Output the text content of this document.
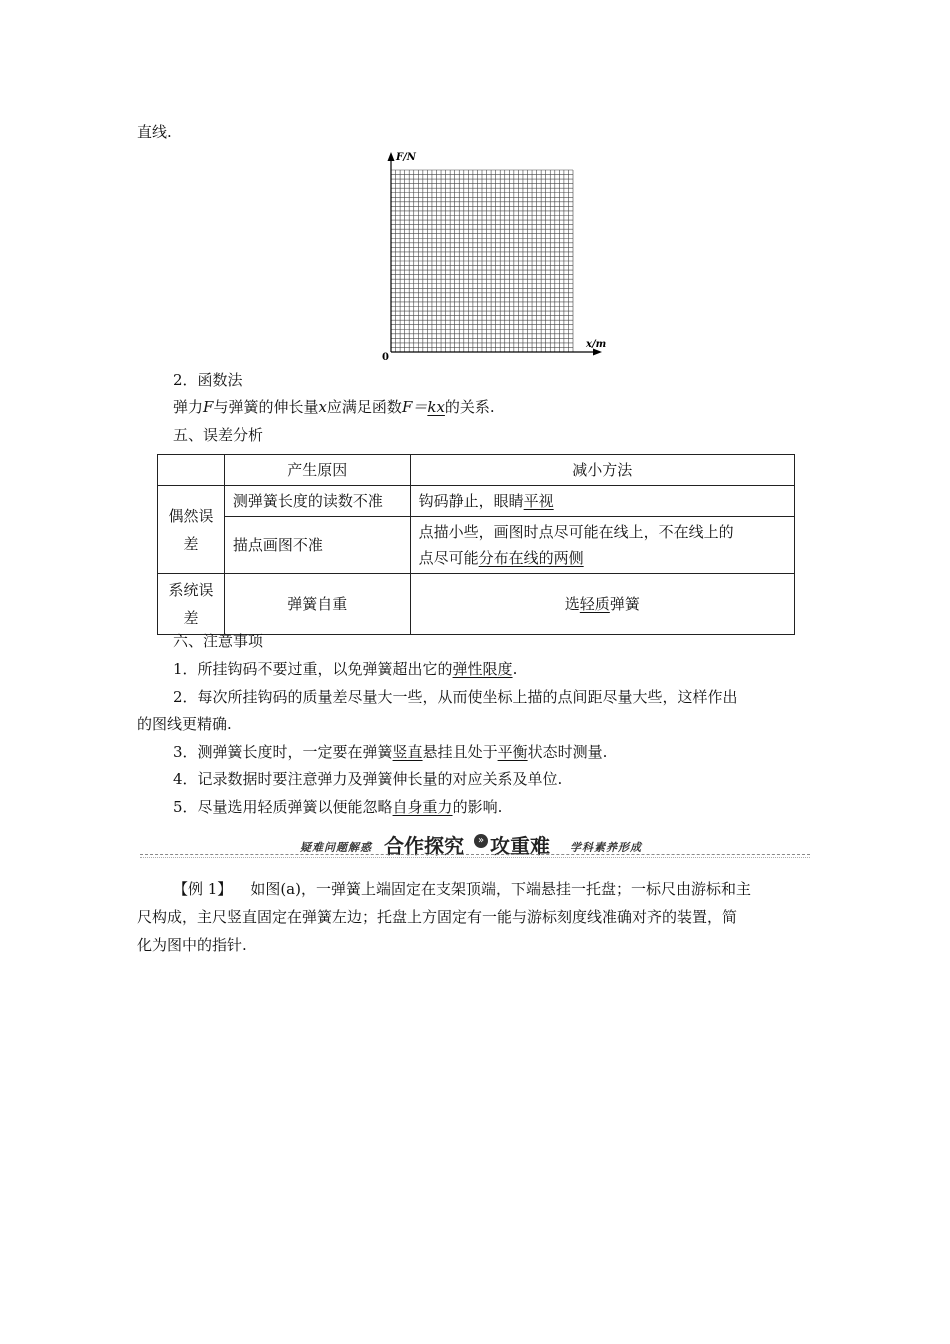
直线.
F/N
x/m
0
2．函数法
弹力F与弹簧的伸长量x应满足函数F＝kx的关系.
五、误差分析
	产生原因	减小方法
偶然误差	测弹簧长度的读数不准	钩码静止，眼睛平视
	描点画图不准	点描小些，画图时点尽可能在线上，不在线上的
点尽可能分布在线的两侧

系统误差	弹簧自重	选轻质弹簧
六、注意事项
1．所挂钩码不要过重，以免弹簧超出它的弹性限度.
2．每次所挂钩码的质量差尽量大一些，从而使坐标上描的点间距尽量大些，这样作出
的图线更精确.
3．测弹簧长度时，一定要在弹簧竖直悬挂且处于平衡状态时测量.
4．记录数据时要注意弹力及弹簧伸长量的对应关系及单位.
5．尽量选用轻质弹簧以便能忽略自身重力的影响.
疑难问题解惑 合作探究	» 攻重难 学科素养形成
【例 1】 如图(a)，一弹簧上端固定在支架顶端，下端悬挂一托盘；一标尺由游标和主
尺构成，主尺竖直固定在弹簧左边；托盘上方固定有一能与游标刻度线准确对齐的装置，简
化为图中的指针.
